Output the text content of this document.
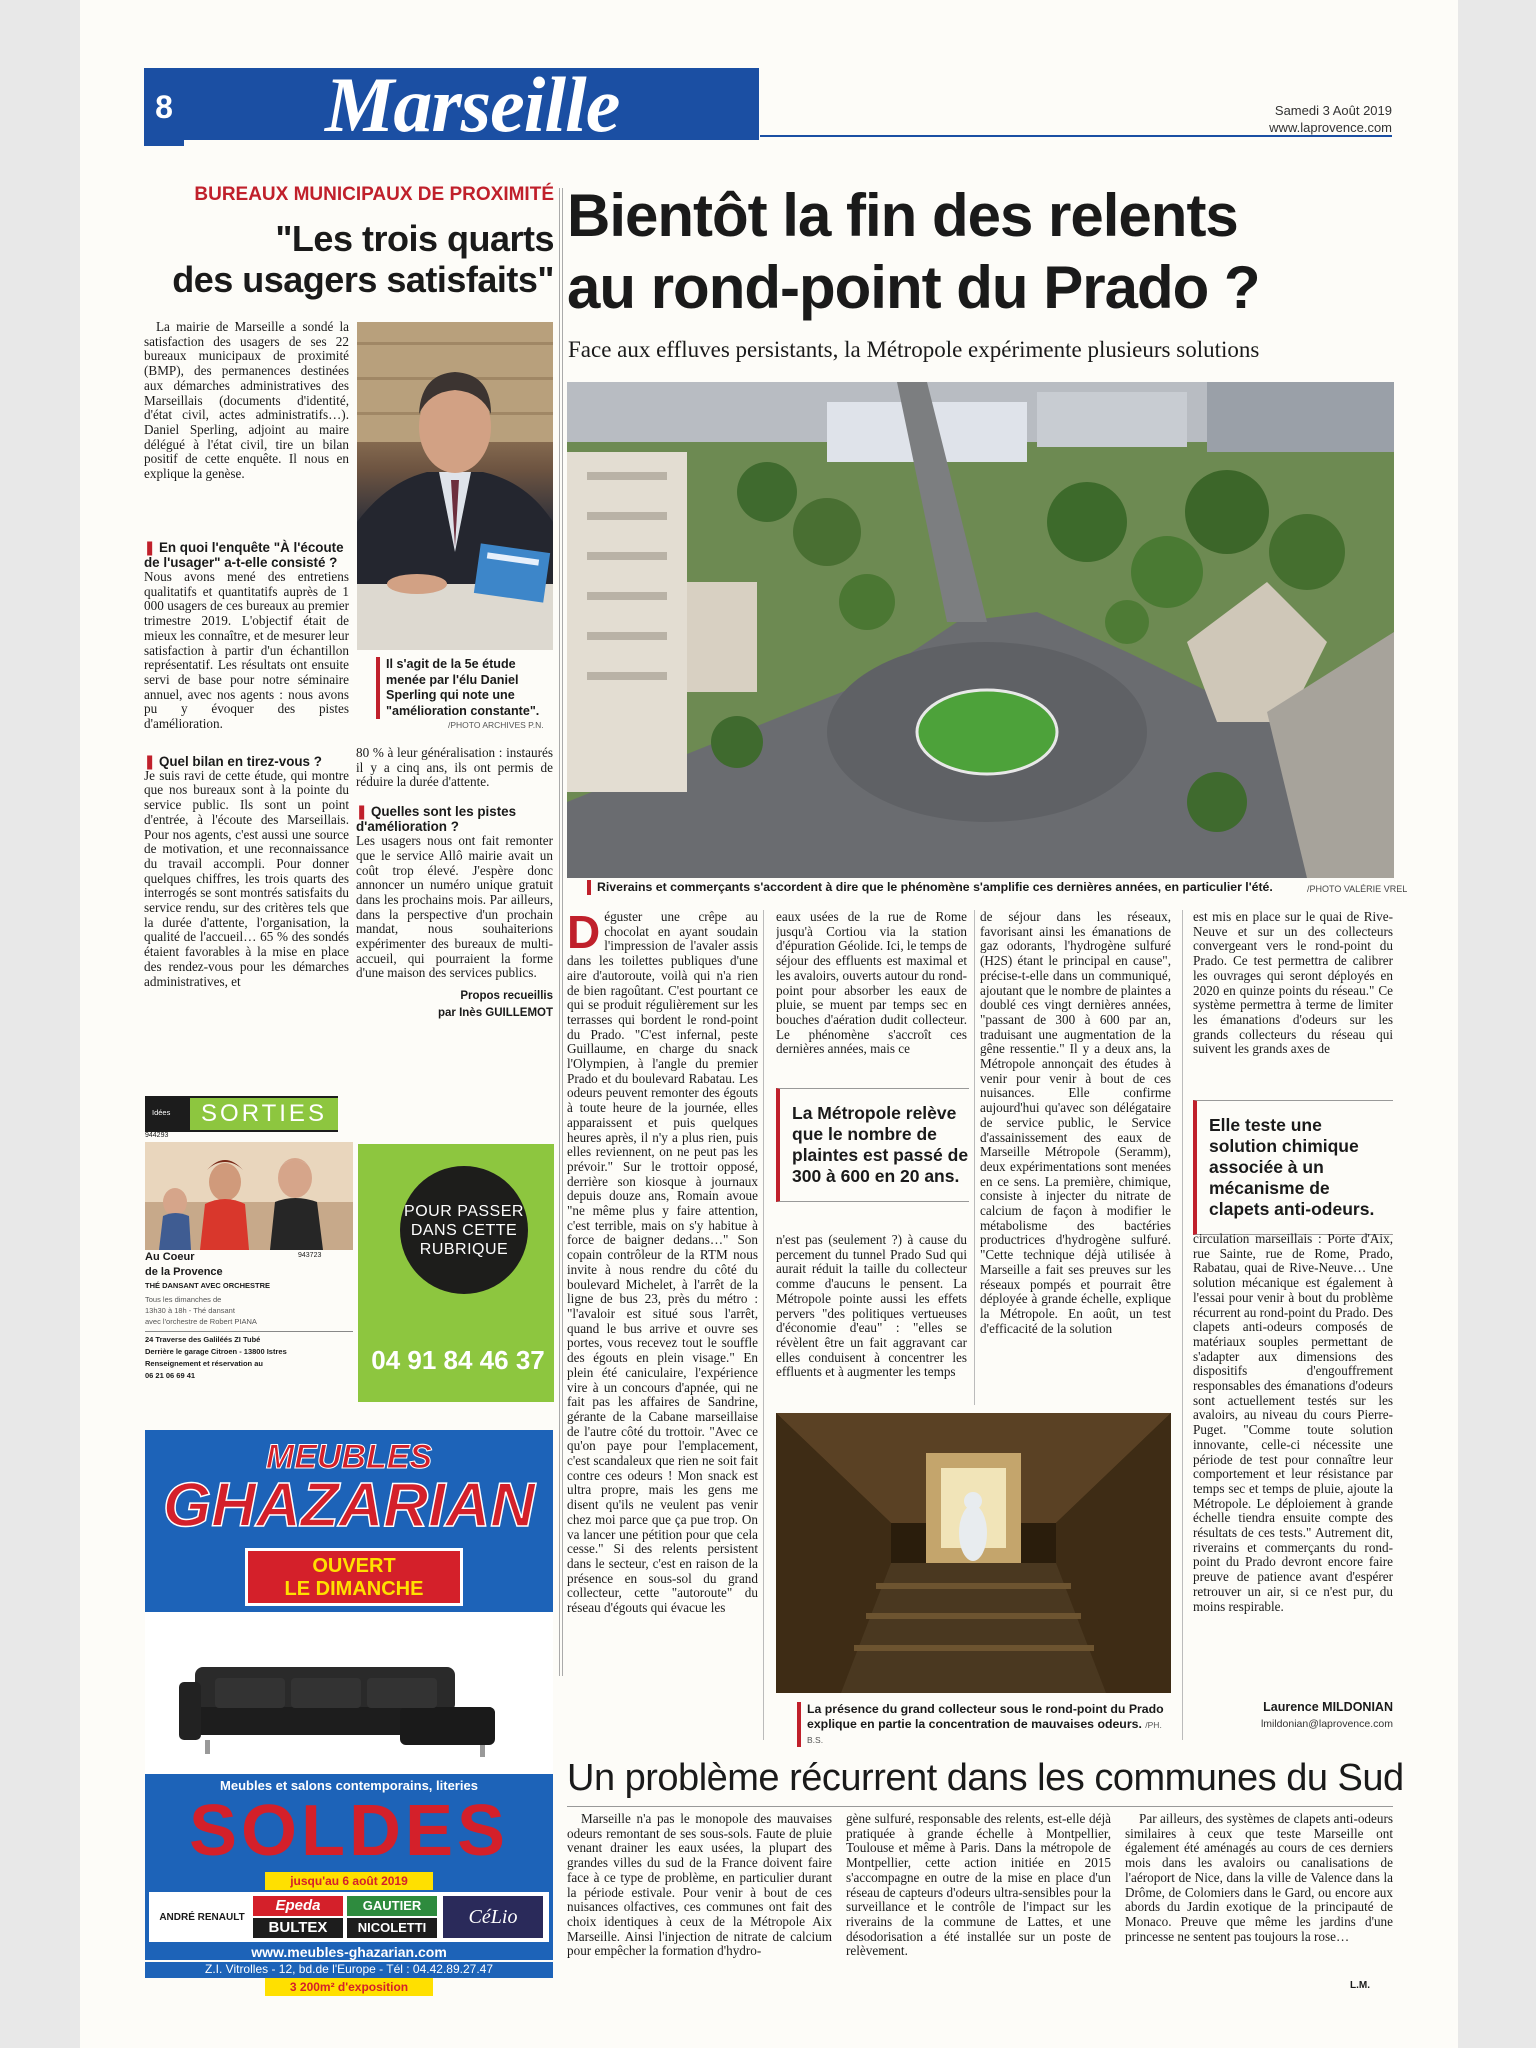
8 Marseille	Samedi 3 Août 2019
www.laprovence.com
BUREAUX MUNICIPAUX DE PROXIMITÉ
"Les trois quarts
des usagers satisfaits"
La mairie de Marseille a sondé la satisfaction des usagers de ses 22 bureaux municipaux de proximité (BMP), des permanences destinées aux démarches administratives des Marseillais (documents d'identité, d'état civil, actes administratifs…). Daniel Sperling, adjoint au maire délégué à l'état civil, tire un bilan positif de cette enquête. Il nous en explique la genèse.
Il s'agit de la 5e étude menée par l'élu Daniel Sperling qui note une "amélioration constante".
/PHOTO ARCHIVES P.N.
❚ En quoi l'enquête "À l'écoute de l'usager" a-t-elle consisté ?
Nous avons mené des entretiens qualitatifs et quantitatifs auprès de 1 000 usagers de ces bureaux au premier trimestre 2019. L'objectif était de mieux les connaître, et de mesurer leur satisfaction à partir d'un échantillon représentatif. Les résultats ont ensuite servi de base pour notre séminaire annuel, avec nos agents : nous avons pu y évoquer des pistes d'amélioration.
❚ Quel bilan en tirez-vous ?
Je suis ravi de cette étude, qui montre que nos bureaux sont à la pointe du service public. Ils sont un point d'entrée, à l'écoute des Marseillais. Pour nos agents, c'est aussi une source de motivation, et une reconnaissance du travail accompli. Pour donner quelques chiffres, les trois quarts des interrogés se sont montrés satisfaits du service rendu, sur des critères tels que la durée d'attente, l'organisation, la qualité de l'accueil… 65 % des sondés étaient favorables à la mise en place des rendez-vous pour les démarches administratives, et
80 % à leur généralisation : instaurés il y a cinq ans, ils ont permis de réduire la durée d'attente.
❚ Quelles sont les pistes d'amélioration ?
Les usagers nous ont fait remonter que le service Allô mairie avait un coût trop élevé. J'espère donc annoncer un numéro unique gratuit dans les prochains mois. Par ailleurs, dans la perspective d'un prochain mandat, nous souhaiterions expérimenter des bureaux de multi-accueil, qui pourraient la forme d'une maison des services publics.
Propos recueillis
par Inès GUILLEMOT
Idées	SORTIES
944293
943723
Au Coeur
de la Provence
THÉ DANSANT AVEC ORCHESTRE
Tous les dimanches de
13h30 à 18h - Thé dansant
avec l'orchestre de Robert PIANA
24 Traverse des Galiléés ZI Tubé
Derrière le garage Citroen - 13800 Istres
Renseignement et réservation au
06 21 06 69 41
POUR PASSER DANS CETTE RUBRIQUE
04 91 84 46 37
MEUBLES
GHAZARIAN
OUVERT
LE DIMANCHE
Meubles et salons contemporains, literies
SOLDES
jusqu'au 6 août 2019
ANDRÉ RENAULT
Epeda
BULTEX
GAUTIER
NICOLETTI	CéLio
www.meubles-ghazarian.com
Z.I. Vitrolles - 12, bd.de l'Europe - Tél : 04.42.89.27.47
3 200m² d'exposition
Bientôt la fin des relents
au rond-point du Prado ?
Face aux effluves persistants, la Métropole expérimente plusieurs solutions
Riverains et commerçants s'accordent à dire que le phénomène s'amplifie ces dernières années, en particulier l'été.	/PHOTO VALÉRIE VREL
Déguster une crêpe au chocolat en ayant soudain l'impression de l'avaler assis dans les toilettes publiques d'une aire d'autoroute, voilà qui n'a rien de bien ragoûtant. C'est pourtant ce qui se produit régulièrement sur les terrasses qui bordent le rond-point du Prado. "C'est infernal, peste Guillaume, en charge du snack l'Olympien, à l'angle du premier Prado et du boulevard Rabatau. Les odeurs peuvent remonter des égouts à toute heure de la journée, elles apparaissent et puis quelques heures après, il n'y a plus rien, puis elles reviennent, on ne peut pas les prévoir." Sur le trottoir opposé, derrière son kiosque à journaux depuis douze ans, Romain avoue "ne même plus y faire attention, c'est terrible, mais on s'y habitue à force de baigner dedans…" Son copain contrôleur de la RTM nous invite à nous rendre du côté du boulevard Michelet, à l'arrêt de la ligne de bus 23, près du métro : "l'avaloir est situé sous l'arrêt, quand le bus arrive et ouvre ses portes, vous recevez tout le souffle des égouts en plein visage." En plein été caniculaire, l'expérience vire à un concours d'apnée, qui ne fait pas les affaires de Sandrine, gérante de la Cabane marseillaise de l'autre côté du trottoir. "Avec ce qu'on paye pour l'emplacement, c'est scandaleux que rien ne soit fait contre ces odeurs ! Mon snack est ultra propre, mais les gens me disent qu'ils ne veulent pas venir chez moi parce que ça pue trop. On va lancer une pétition pour que cela cesse." Si des relents persistent dans le secteur, c'est en raison de la présence en sous-sol du grand collecteur, cette "autoroute" du réseau d'égouts qui évacue les
eaux usées de la rue de Rome jusqu'à Cortiou via la station d'épuration Géolide. Ici, le temps de séjour des effluents est maximal et les avaloirs, ouverts autour du rond-point pour absorber les eaux de pluie, se muent par temps sec en bouches d'aération dudit collecteur. Le phénomène s'accroît ces dernières années, mais ce
La Métropole relève que le nombre de plaintes est passé de 300 à 600 en 20 ans.
n'est pas (seulement ?) à cause du percement du tunnel Prado Sud qui aurait réduit la taille du collecteur comme d'aucuns le pensent. La Métropole pointe aussi les effets pervers "des politiques vertueuses d'économie d'eau" : "elles se révèlent être un fait aggravant car elles conduisent à concentrer les effluents et à augmenter les temps
de séjour dans les réseaux, favorisant ainsi les émanations de gaz odorants, l'hydrogène sulfuré (H2S) étant le principal en cause", précise-t-elle dans un communiqué, ajoutant que le nombre de plaintes a doublé ces vingt dernières années, "passant de 300 à 600 par an, traduisant une augmentation de la gêne ressentie." Il y a deux ans, la Métropole annonçait des études à venir pour venir à bout de ces nuisances. Elle confirme aujourd'hui qu'avec son délégataire de service public, le Service d'assainissement des eaux de Marseille Métropole (Seramm), deux expérimentations sont menées en ce sens. La première, chimique, consiste à injecter du nitrate de calcium de façon à modifier le métabolisme des bactéries productrices d'hydrogène sulfuré. "Cette technique déjà utilisée à Marseille a fait ses preuves sur les réseaux pompés et pourrait être déployée à grande échelle, explique la Métropole. En août, un test d'efficacité de la solution
est mis en place sur le quai de Rive-Neuve et sur un des collecteurs convergeant vers le rond-point du Prado. Ce test permettra de calibrer les ouvrages qui seront déployés en 2020 en quinze points du réseau." Ce système permettra à terme de limiter les émanations d'odeurs sur les grands collecteurs du réseau qui suivent les grands axes de
Elle teste une solution chimique associée à un mécanisme de clapets anti-odeurs.
circulation marseillais : Porte d'Aix, rue Sainte, rue de Rome, Prado, Rabatau, quai de Rive-Neuve… Une solution mécanique est également à l'essai pour venir à bout du problème récurrent au rond-point du Prado. Des clapets anti-odeurs composés de matériaux souples permettant de s'adapter aux dimensions des dispositifs d'engouffrement responsables des émanations d'odeurs sont actuellement testés sur les avaloirs, au niveau du cours Pierre-Puget. "Comme toute solution innovante, celle-ci nécessite une période de test pour connaître leur comportement et leur résistance par temps sec et temps de pluie, ajoute la Métropole. Le déploiement à grande échelle tiendra ensuite compte des résultats de ces tests." Autrement dit, riverains et commerçants du rond-point du Prado devront encore faire preuve de patience avant d'espérer retrouver un air, si ce n'est pur, du moins respirable.
Laurence MILDONIAN
lmildonian@laprovence.com
La présence du grand collecteur sous le rond-point du Prado explique en partie la concentration de mauvaises odeurs. /PH. B.S.
Un problème récurrent dans les communes du Sud
Marseille n'a pas le monopole des mauvaises odeurs remontant de ses sous-sols. Faute de pluie venant drainer les eaux usées, la plupart des grandes villes du sud de la France doivent faire face à ce type de problème, en particulier durant la période estivale. Pour venir à bout de ces nuisances olfactives, ces communes ont fait des choix identiques à ceux de la Métropole Aix Marseille. Ainsi l'injection de nitrate de calcium pour empêcher la formation d'hydro-
gène sulfuré, responsable des relents, est-elle déjà pratiquée à grande échelle à Montpellier, Toulouse et même à Paris. Dans la métropole de Montpellier, cette action initiée en 2015 s'accompagne en outre de la mise en place d'un réseau de capteurs d'odeurs ultra-sensibles pour la surveillance et le contrôle de l'impact sur les riverains de la commune de Lattes, et une désodorisation a été installée sur un poste de relèvement.
Par ailleurs, des systèmes de clapets anti-odeurs similaires à ceux que teste Marseille ont également été aménagés au cours de ces derniers mois dans les avaloirs ou canalisations de l'aéroport de Nice, dans la ville de Valence dans la Drôme, de Colomiers dans le Gard, ou encore aux abords du Jardin exotique de la principauté de Monaco. Preuve que même les jardins d'une princesse ne sentent pas toujours la rose…
L.M.
